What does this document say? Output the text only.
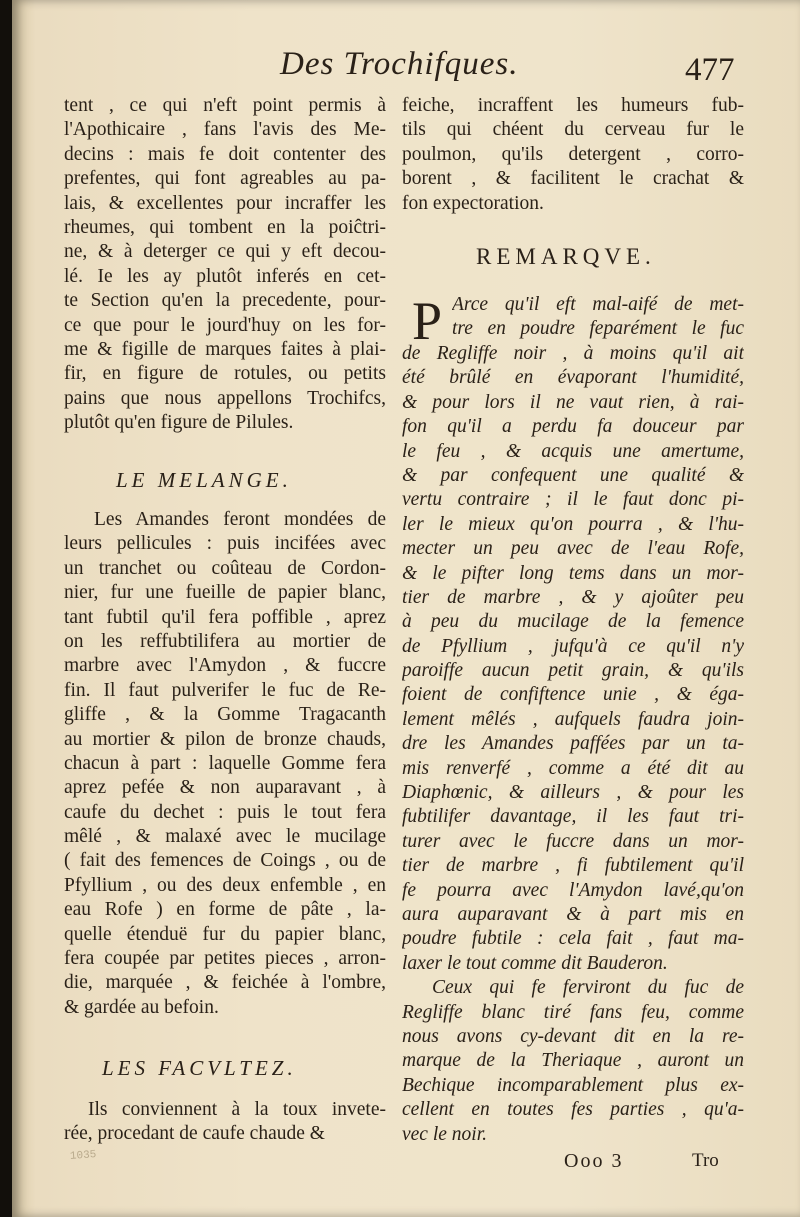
Des Trochifques.	477
tent , ce qui n'eft point permis à
l'Apothicaire , fans l'avis des Me-
decins : mais fe doit contenter des
prefentes, qui font agreables au pa-
lais, & excellentes pour incraffer les
rheumes, qui tombent en la poiĉtri-
ne, & à deterger ce qui y eft decou-
lé. Ie les ay plutôt inferés en cet-
te Section qu'en la precedente, pour-
ce que pour le jourd'huy on les for-
me & figille de marques faites à plai-
fir, en figure de rotules, ou petits
pains que nous appellons Trochifcs,
plutôt qu'en figure de Pilules.
LE MELANGE.
Les Amandes feront mondées de
leurs pellicules : puis incifées avec
un tranchet ou coûteau de Cordon-
nier, fur une fueille de papier blanc,
tant fubtil qu'il fera poffible , aprez
on les reffubtilifera au mortier de
marbre avec l'Amydon , & fuccre
fin. Il faut pulverifer le fuc de Re-
gliffe , & la Gomme Tragacanth
au mortier & pilon de bronze chauds,
chacun à part : laquelle Gomme fera
aprez pefée & non auparavant , à
caufe du dechet : puis le tout fera
mêlé , & malaxé avec le mucilage
( fait des femences de Coings , ou de
Pfyllium , ou des deux enfemble , en
eau Rofe ) en forme de pâte , la-
quelle étenduë fur du papier blanc,
fera coupée par petites pieces , arron-
die, marquée , & feichée à l'ombre,
& gardée au befoin.
LES FACVLTEZ.
Ils conviennent à la toux invete-
rée, procedant de caufe chaude &
1035
feiche, incraffent les humeurs fub-
tils qui chéent du cerveau fur le
poulmon, qu'ils detergent , corro-
borent , & facilitent le crachat &
fon expectoration.
REMARQVE.
P Arce qu'il eft mal-aifé de met-
tre en poudre feparément le fuc
de Regliffe noir , à moins qu'il ait
été brûlé en évaporant l'humidité,
& pour lors il ne vaut rien, à rai-
fon qu'il a perdu fa douceur par
le feu , & acquis une amertume,
& par confequent une qualité &
vertu contraire ; il le faut donc pi-
ler le mieux qu'on pourra , & l'hu-
mecter un peu avec de l'eau Rofe,
& le pifter long tems dans un mor-
tier de marbre , & y ajoûter peu
à peu du mucilage de la femence
de Pfyllium , jufqu'à ce qu'il n'y
paroiffe aucun petit grain, & qu'ils
foient de confiftence unie , & éga-
lement mêlés , aufquels faudra join-
dre les Amandes paffées par un ta-
mis renverfé , comme a été dit au
Diaphœnic, & ailleurs , & pour les
fubtilifer davantage, il les faut tri-
turer avec le fuccre dans un mor-
tier de marbre , fi fubtilement qu'il
fe pourra avec l'Amydon lavé,qu'on
aura auparavant & à part mis en
poudre fubtile : cela fait , faut ma-
laxer le tout comme dit Bauderon.
Ceux qui fe ferviront du fuc de
Regliffe blanc tiré fans feu, comme
nous avons cy-devant dit en la re-
marque de la Theriaque , auront un
Bechique incomparablement plus ex-
cellent en toutes fes parties , qu'a-
vec le noir.
Ooo 3	Tro
